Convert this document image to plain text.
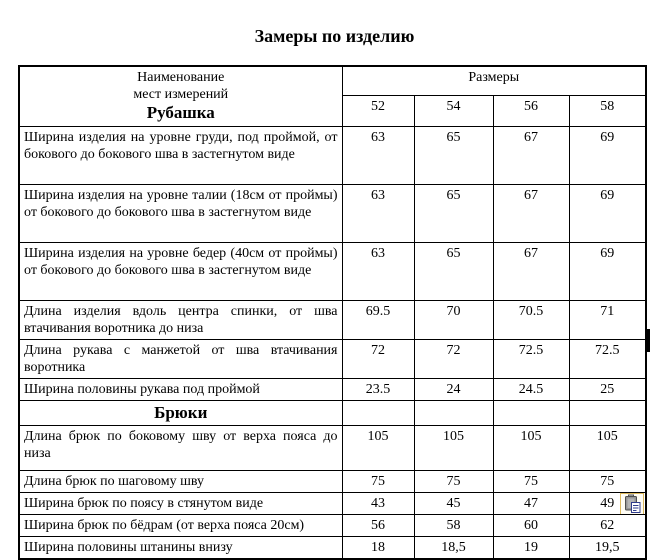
Замеры по изделию
Наименование
мест измерений
Рубашка	Размеры			
	52	54	56	58
Ширина изделия на уровне груди, под проймой, от бокового до бокового шва в застегнутом виде	63	65	67	69
Ширина изделия на уровне талии (18см от проймы) от бокового до бокового шва в застегнутом виде	63	65	67	69
Ширина изделия на уровне бедер (40см от проймы) от бокового до бокового шва в застегнутом виде	63	65	67	69
Длина изделия вдоль центра спинки, от шва втачивания воротника до низа	69.5	70	70.5	71
Длина рукава с манжетой от шва втачивания воротника	72	72	72.5	72.5
Ширина половины рукава под проймой	23.5	24	24.5	25
Брюки				
Длина брюк по боковому шву от верха пояса до низа	105	105	105	105
Длина брюк по шаговому шву	75	75	75	75
Ширина брюк по поясу в стянутом виде	43	45	47	49

Ширина брюк по бёдрам (от верха пояса 20см)	56	58	60	62
Ширина половины штанины внизу	18	18,5	19	19,5
